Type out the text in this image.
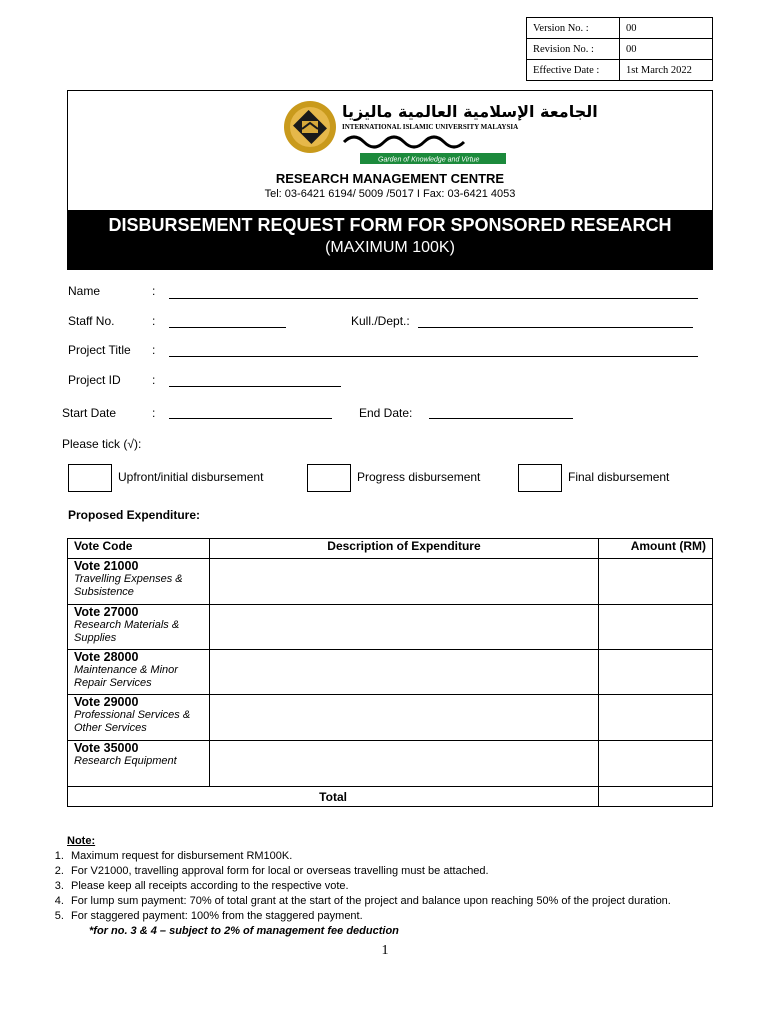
Version No. :	00
Revision No. :	00
Effective Date :	1st March 2022
الجامعة الإسلامية العالمية ماليزيا
INTERNATIONAL ISLAMIC UNIVERSITY MALAYSIA
Garden of Knowledge and Virtue
RESEARCH MANAGEMENT CENTRE
Tel: 03-6421 6194/ 5009 /5017 I Fax: 03-6421 4053
DISBURSEMENT REQUEST FORM FOR SPONSORED RESEARCH
(MAXIMUM 100K)
Name	:
Staff No.	:	Kull./Dept.:
Project Title :
Project ID	:
Start Date	:	End Date:
Please tick (√):
Upfront/initial disbursement	Progress disbursement	Final disbursement
Proposed Expenditure:
Vote Code	Description of Expenditure	Amount (RM)

Vote 21000
Travelling Expenses & Subsistence		

Vote 27000
Research Materials & Supplies		

Vote 28000
Maintenance & Minor Repair Services		

Vote 29000
Professional Services & Other Services		

Vote 35000
Research Equipment		

Total		
Note:
1. Maximum request for disbursement RM100K.
2. For V21000, travelling approval form for local or overseas travelling must be attached.
3. Please keep all receipts according to the respective vote.
4. For lump sum payment: 70% of total grant at the start of the project and balance upon reaching 50% of the project duration.
5. For staggered payment: 100% from the staggered payment.
*for no. 3 & 4 – subject to 2% of management fee deduction
1
